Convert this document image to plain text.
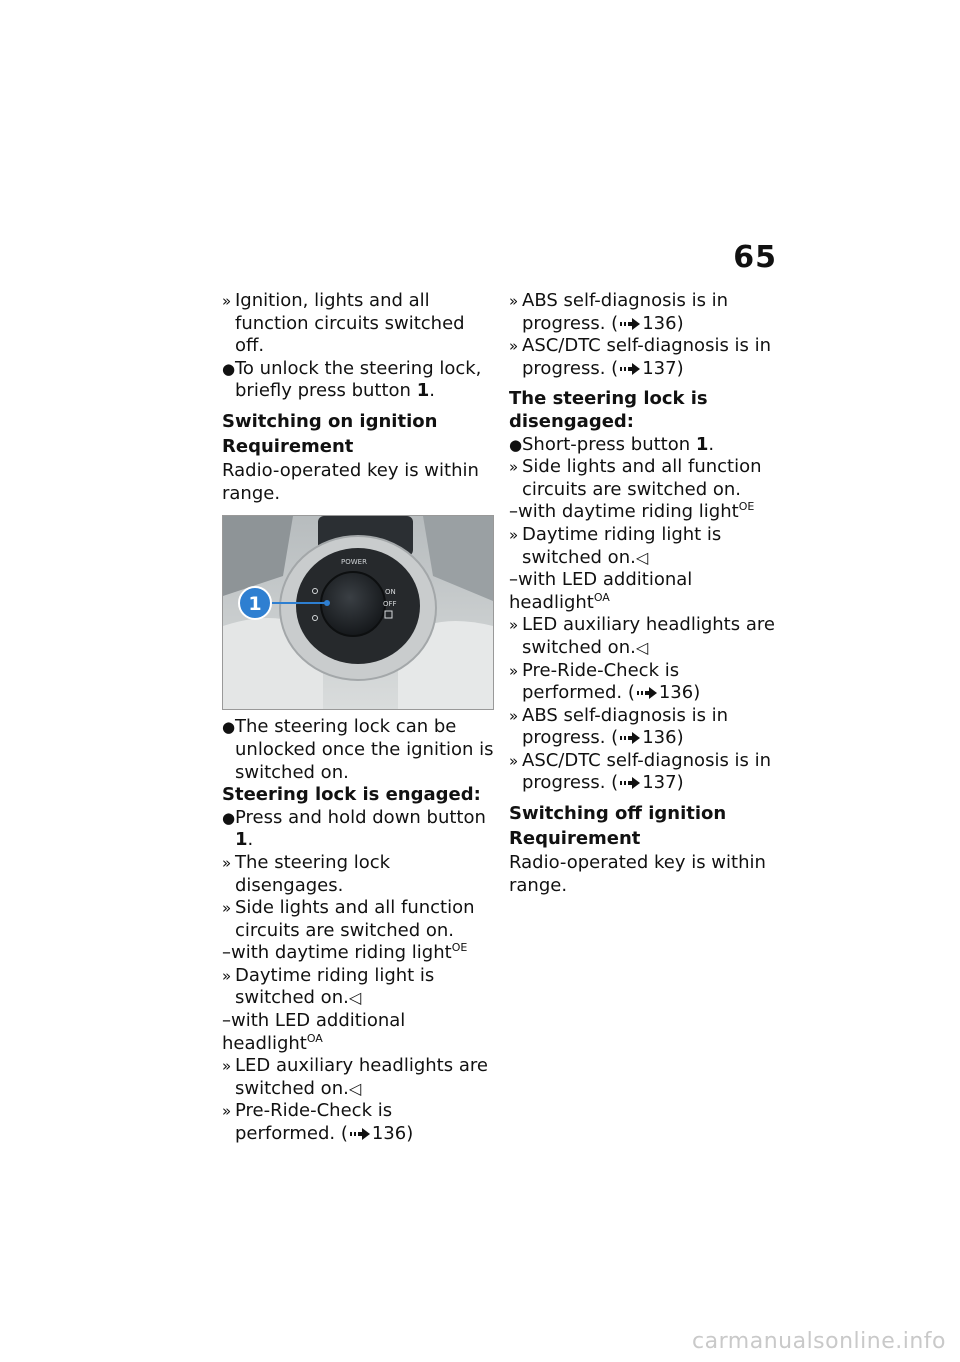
65
» Ignition, lights and all function circuits switched off.
● To unlock the steering lock, briefly press button 1.
Switching on ignition
Requirement
Radio-operated key is within range.
POWER
ON
OFF
1
● The steering lock can be unlocked once the ignition is switched on.
Steering lock is engaged:
● Press and hold down button 1.
» The steering lock disengages.
» Side lights and all function circuits are switched on.
–with daytime riding light$^{OE}$
» Daytime riding light is switched on.◁
–with LED additional headlight$^{OA}$
» LED auxiliary headlights are switched on.◁
» Pre-Ride-Check is performed. ( 136)
» ABS self-diagnosis is in progress. ( 136)
» ASC/DTC self-diagnosis is in progress. ( 137)
The steering lock is disengaged:
● Short-press button 1.
» Side lights and all function circuits are switched on.
–with daytime riding light$^{OE}$
» Daytime riding light is switched on.◁
–with LED additional headlight$^{OA}$
» LED auxiliary headlights are switched on.◁
» Pre-Ride-Check is performed. ( 136)
» ABS self-diagnosis is in progress. ( 136)
» ASC/DTC self-diagnosis is in progress. ( 137)
Switching off ignition
Requirement
Radio-operated key is within range.
carmanualsonline.info
